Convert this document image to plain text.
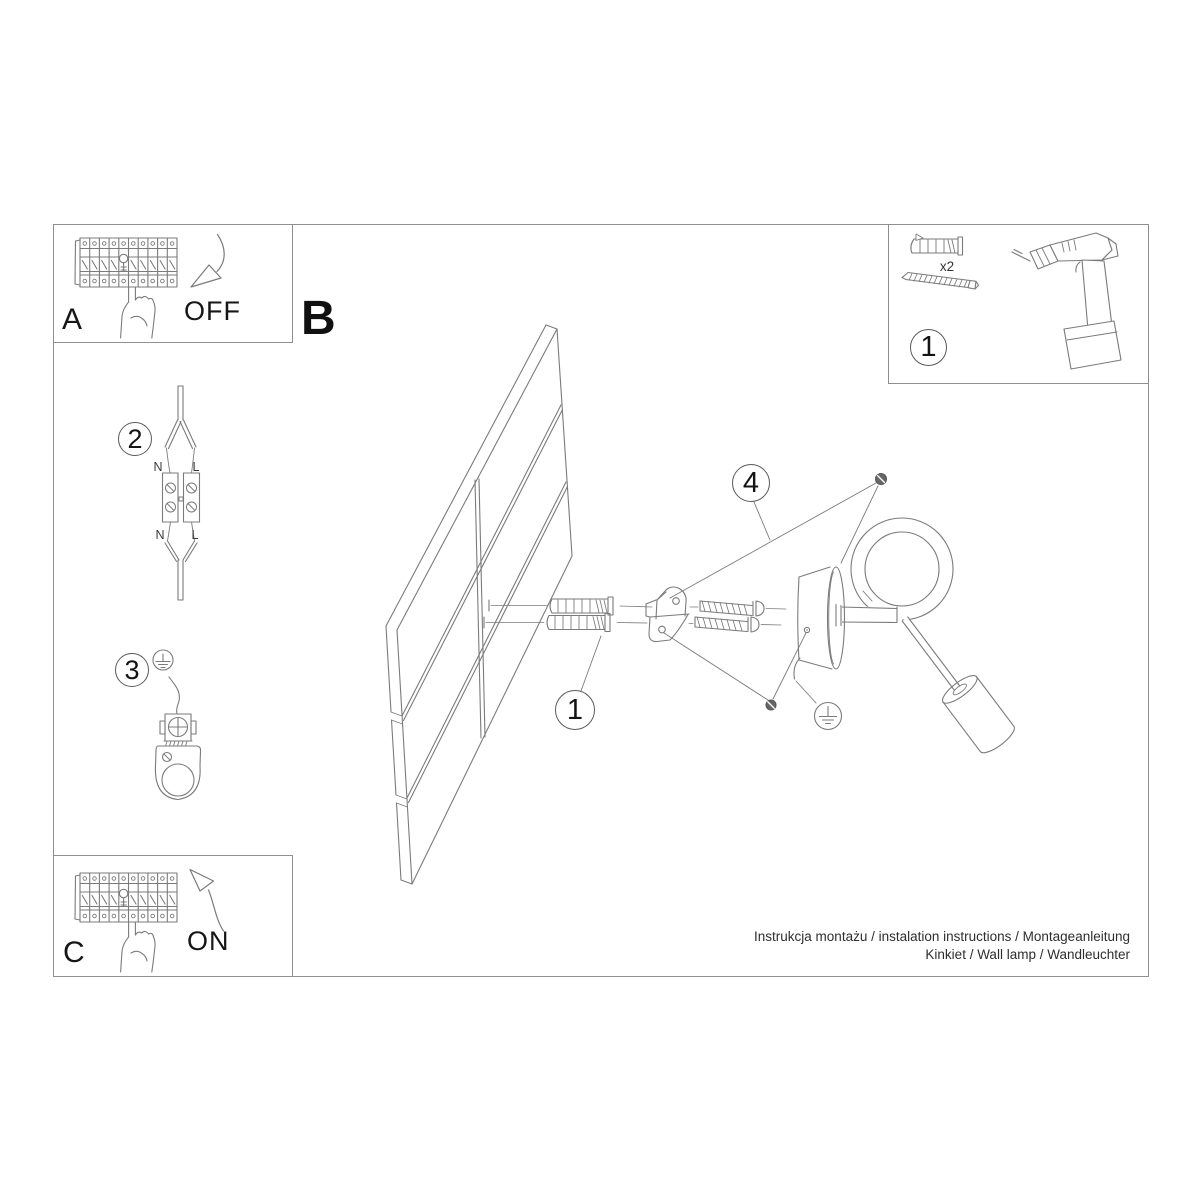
B
A	OFF
C	ON
2
3
4
1
1
N L
N L
x2
Instrukcja montażu / instalation instructions / Montageanleitung
Kinkiet / Wall lamp / Wandleuchter
